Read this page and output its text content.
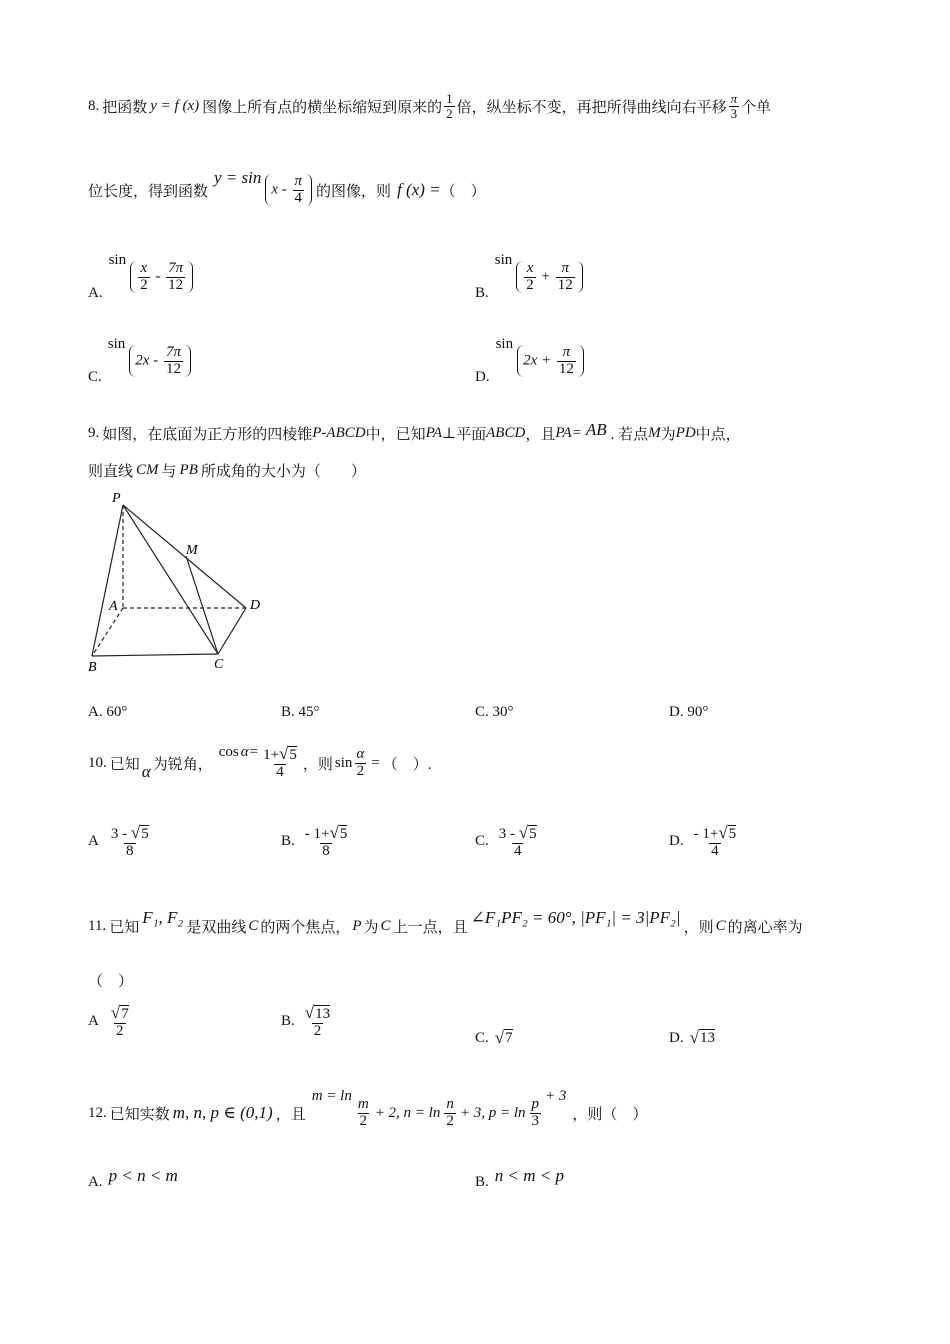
8. 把函数 y = f (x) 图像上所有点的横坐标缩短到原来的 $\frac{1}{2}$ 倍，纵坐标不变，再把所得曲线向右平移 $\frac{\pi}{3}$ 个单
位长度，得到函数
y = sin
x - $\frac{\pi}{4}$ 的图像，则 f (x) = （　）
A.
sin
$\frac{x}{2} - \frac{7\pi}{12}$	B.
sin
$\frac{x}{2} + \frac{\pi}{12}$
C.
sin
$2x - \frac{7\pi}{12}$	D.
sin
$2x + \frac{\pi}{12}$
9. 如图，在底面为正方形的四棱锥 P-ABCD 中，已知 PA ⊥ 平面 ABCD ，且 PA= AB . 若点 M 为 PD 中点，
则直线 CM 与 PB 所成角的大小为（　　）
P
M
A	D
B	C
A. 60°	B. 45°	C. 30°	D. 90°
10. 已知 α 为锐角，
$\cos \alpha = \frac{1+√5}{4}$ ，则 $\sin \frac{\alpha}{2}$ = （　）.
A $\frac{3 - √5}{8}$	B. $\frac{- 1+√5}{8}$	C. $\frac{3 - √5}{4}$	D. $\frac{- 1+√5}{4}$
11. 已知
F₁, F₂
是双曲线 C 的两个焦点， P 为 C 上一点，且
∠F₁PF₂ = 60°, |PF₁| = 3|PF₂|
，则 C 的离心率为
（　）
A $\frac{√7}{2}$	B. $\frac{√13}{2}$	C. √ 7	D. √ 13
12. 已知实数 m, n, p ∈ (0,1) ，且
m = ln
$\frac{m}{2} + 2$, $n = \ln \frac{n}{2} + 3$, $p = \ln \frac{p}{3}$
+ 3
，则（　）
A. p < n < m	B. n < m < p
